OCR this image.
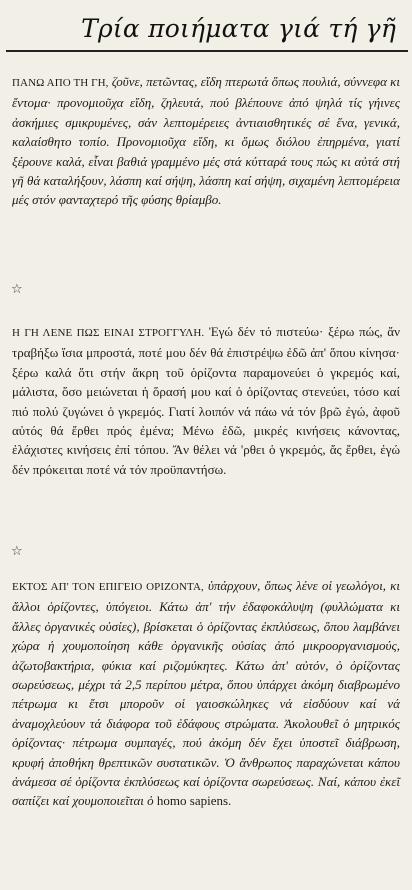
Τρία ποιήματα γιά τή γῆ

ΠΑΝΩ ΑΠΟ ΤΗ ΓΗ, ζοῦνε, πετῶντας, εἴδη πτερωτά ὅπως πουλιά, σύννεφα κι ἔντομα· προνομιοῦχα εἴδη, ζηλευτά, πού βλέπουνε ἀπό ψηλά τίς γήινες ἀσκήμιες σμικρυμένες, σάν λεπτομέρειες ἀντιαισθητικές σέ ἕνα, γενικά, καλαίσθητο τοπίο. Προνομιοῦχα εἴδη, κι ὅμως διόλου ἐπηρμένα, γιατί ξέρουνε καλά, εἶναι βαθιά γραμμένο μές στά κύτταρά τους πώς κι αὐτά στή γῆ θά καταλήξουν, λάσπη καί σήψη, λάσπη καί σήψη, σιχαμένη λεπτομέρεια μές στόν φανταχτερό τῆς φύσης θρίαμβο.

☆

Η ΓΗ ΛΕΝΕ ΠΩΣ ΕΙΝΑΙ ΣΤΡΟΓΓΥΛΗ. Ἐγώ δέν τό πιστεύω· ξέρω πώς, ἄν τραβήξω ἴσια μπροστά, ποτέ μου δέν θά ἐπιστρέψω ἐδῶ ἀπ' ὅπου κίνησα· ξέρω καλά ὅτι στήν ἄκρη τοῦ ὁρίζοντα παραμονεύει ὁ γκρεμός καί, μάλιστα, ὅσο μειώνεται ἡ ὅρασή μου καί ὁ ὁρίζοντας στενεύει, τόσο καί πιό πολύ ζυγώνει ὁ γκρεμός. Γιατί λοιπόν νά πάω νά τόν βρῶ ἐγώ, ἀφοῦ αὐτός θά ἔρθει πρός ἐμένα; Μένω ἐδῶ, μικρές κινήσεις κάνοντας, ἐλάχιστες κινήσεις ἐπί τόπου. Ἄν θέλει νά 'ρθει ὁ γκρεμός, ἄς ἔρθει, ἐγώ δέν πρόκειται ποτέ νά τόν προϋπαντήσω.

☆

ΕΚΤΟΣ ΑΠ' ΤΟΝ ΕΠΙΓΕΙΟ ΟΡΙΖΟΝΤΑ, ὑπάρχουν, ὅπως λένε οἱ γεωλόγοι, κι ἄλλοι ὁρίζοντες, ὑπόγειοι. Κάτω ἀπ' τήν ἐδαφοκάλυψη (φυλλώματα κι ἄλλες ὀργανικές οὐσίες), βρίσκεται ὁ ὁρίζοντας ἐκπλύσεως, ὅπου λαμβάνει χώρα ἡ χουμοποίηση κάθε ὀργανικῆς οὐσίας ἀπό μικροοργανισμούς, ἀζωτοβακτήρια, φύκια καί ριζομύκητες. Κάτω ἀπ' αὐτόν, ὁ ὁρίζοντας σωρεύσεως, μέχρι τά 2,5 περίπου μέτρα, ὅπου ὑπάρχει ἀκόμη διαβρωμένο πέτρωμα κι ἔτσι μποροῦν οἱ γαιοσκώληκες νά εἰσδύουν καί νά ἀναμοχλεύουν τά διάφορα τοῦ ἐδάφους στρώματα. Ἀκολουθεῖ ὁ μητρικός ὁρίζοντας· πέτρωμα συμπαγές, πού ἀκόμη δέν ἔχει ὑποστεῖ διάβρωση, κρυφή ἀποθήκη θρεπτικῶν συστατικῶν. Ὁ ἄνθρωπος παραχώνεται κάπου ἀνάμεσα σέ ὁρίζοντα ἐκπλύσεως καί ὁρίζοντα σωρεύσεως. Ναί, κάπου ἐκεῖ σαπίζει καί χουμοποιεῖται ὁ homo sapiens.
